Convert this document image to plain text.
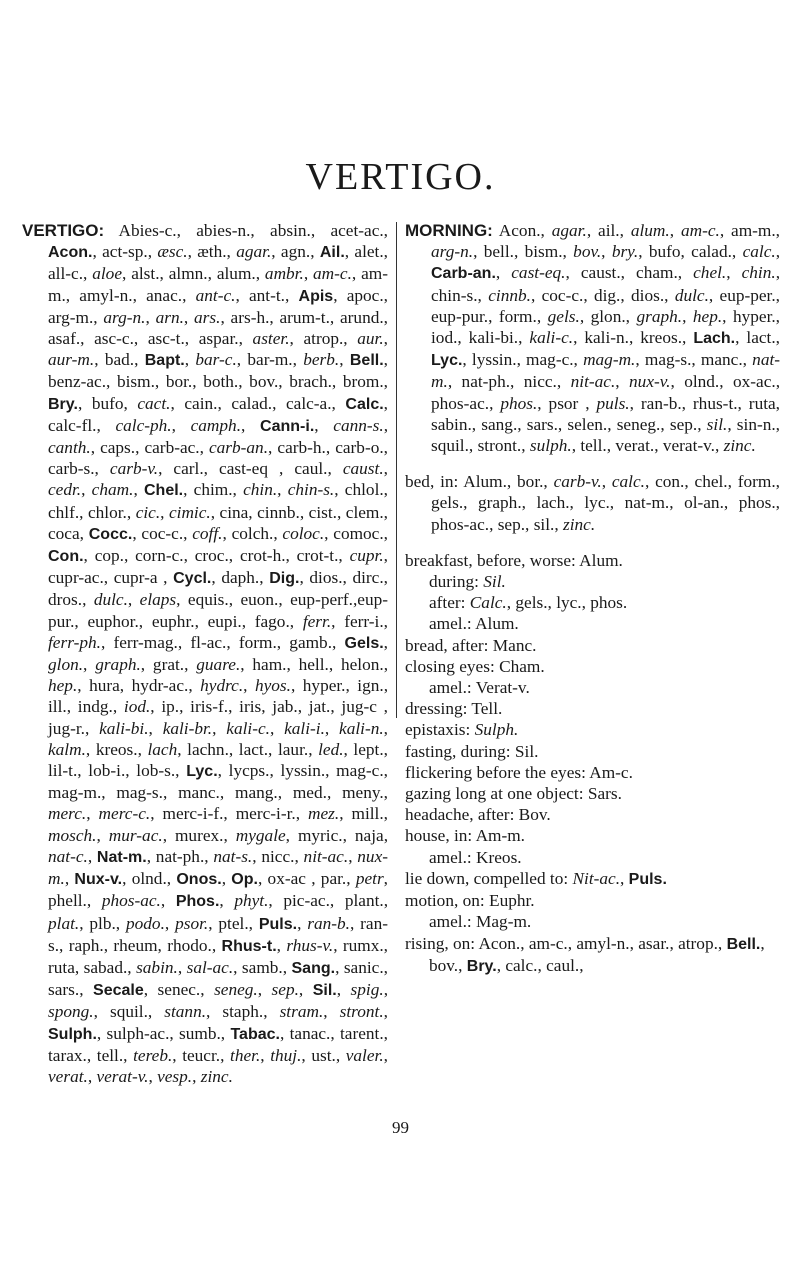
VERTIGO.

VERTIGO: Abies-c., abies-n., absin., acet-ac., Acon., act-sp., æsc., æth., agar., agn., Ail., alet., all-c., aloe, alst., almn., alum., ambr., am-c., am-m., amyl-n., anac., ant-c., ant-t., Apis, apoc., arg-m., arg-n., arn., ars., ars-h., arum-t., arund., asaf., asc-c., asc-t., aspar., aster., atrop., aur., aur-m., bad., Bapt., bar-c., bar-m., berb., Bell., benz-ac., bism., bor., both., bov., brach., brom., Bry., bufo, cact., cain., calad., calc-a., Calc., calc-fl., calc-ph., camph., Cann-i., cann-s., canth., caps., carb-ac., carb-an., carb-h., carb-o., carb-s., carb-v., carl., cast-eq , caul., caust., cedr., cham., Chel., chim., chin., chin-s., chlol., chlf., chlor., cic., cimic., cina, cinnb., cist., clem., coca, Cocc., coc-c., coff., colch., coloc., comoc., Con., cop., corn-c., croc., crot-h., crot-t., cupr., cupr-ac., cupr-a , Cycl., daph., Dig., dios., dirc., dros., dulc., elaps, equis., euon., eup-perf.,eup-pur., euphor., euphr., eupi., fago., ferr., ferr-i., ferr-ph., ferr-mag., fl-ac., form., gamb., Gels., glon., graph., grat., guare., ham., hell., helon., hep., hura, hydr-ac., hydrc., hyos., hyper., ign., ill., indg., iod., ip., iris-f., iris, jab., jat., jug-c , jug-r., kali-bi., kali-br., kali-c., kali-i., kali-n., kalm., kreos., lach, lachn., lact., laur., led., lept., lil-t., lob-i., lob-s., Lyc., lycps., lyssin., mag-c., mag-m., mag-s., manc., mang., med., meny., merc., merc-c., merc-i-f., merc-i-r., mez., mill., mosch., mur-ac., murex., mygale, myric., naja, nat-c., Nat-m., nat-ph., nat-s., nicc., nit-ac., nux-m., Nux-v., olnd., Onos., Op., ox-ac , par., petr, phell., phos-ac., Phos., phyt., pic-ac., plant., plat., plb., podo., psor., ptel., Puls., ran-b., ran-s., raph., rheum, rhodo., Rhus-t., rhus-v., rumx., ruta, sabad., sabin., sal-ac., samb., Sang., sanic., sars., Secale, senec., seneg., sep., Sil., spig., spong., squil., stann., staph., stram., stront., Sulph., sulph-ac., sumb., Tabac., tanac., tarent., tarax., tell., tereb., teucr., ther., thuj., ust., valer., verat., verat-v., vesp., zinc.

MORNING: Acon., agar., ail., alum., am-c., am-m., arg-n., bell., bism., bov., bry., bufo, calad., calc., Carb-an., cast-eq., caust., cham., chel., chin., chin-s., cinnb., coc-c., dig., dios., dulc., eup-per., eup-pur., form., gels., glon., graph., hep., hyper., iod., kali-bi., kali-c., kali-n., kreos., Lach., lact., Lyc., lyssin., mag-c., mag-m., mag-s., manc., nat-m., nat-ph., nicc., nit-ac., nux-v., olnd., ox-ac., phos-ac., phos., psor , puls., ran-b., rhus-t., ruta, sabin., sang., sars., selen., seneg., sep., sil., sin-n., squil., stront., sulph., tell., verat., verat-v., zinc.

bed, in: Alum., bor., carb-v., calc., con., chel., form., gels., graph., lach., lyc., nat-m., ol-an., phos., phos-ac., sep., sil., zinc.

breakfast, before, worse: Alum.

during: Sil.

after: Calc., gels., lyc., phos.

amel.: Alum.

bread, after: Manc.

closing eyes: Cham.

amel.: Verat-v.

dressing: Tell.

epistaxis: Sulph.

fasting, during: Sil.

flickering before the eyes: Am-c.

gazing long at one object: Sars.

headache, after: Bov.

house, in: Am-m.

amel.: Kreos.

lie down, compelled to: Nit-ac., Puls.

motion, on: Euphr.

amel.: Mag-m.

rising, on: Acon., am-c., amyl-n., asar., atrop., Bell., bov., Bry., calc., caul.,

99
